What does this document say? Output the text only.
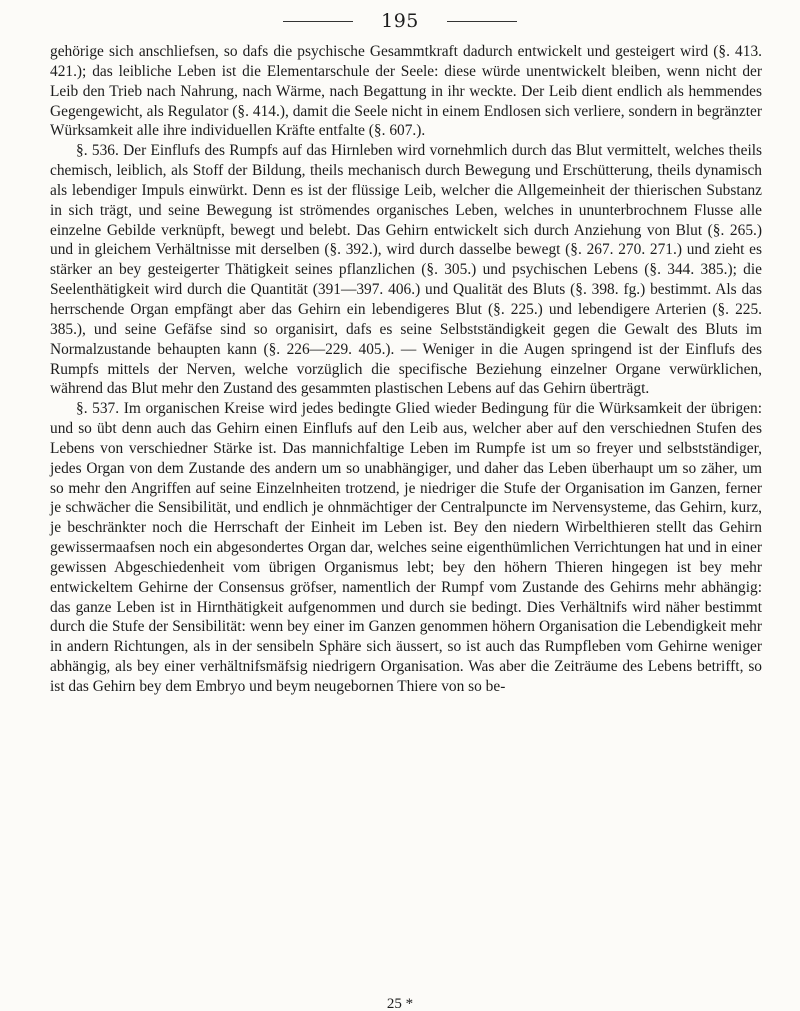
195

gehörige sich anschliefsen, so dafs die psychische Gesammtkraft dadurch entwickelt und gesteigert wird (§. 413. 421.); das leibliche Leben ist die Elementarschule der Seele: diese würde unentwickelt bleiben, wenn nicht der Leib den Trieb nach Nahrung, nach Wärme, nach Begattung in ihr weckte. Der Leib dient endlich als hemmendes Gegengewicht, als Regulator (§. 414.), damit die Seele nicht in einem Endlosen sich verliere, sondern in begränzter Würksamkeit alle ihre individuellen Kräfte entfalte (§. 607.).

§. 536. Der Einflufs des Rumpfs auf das Hirnleben wird vornehmlich durch das Blut vermittelt, welches theils chemisch, leiblich, als Stoff der Bildung, theils mechanisch durch Bewegung und Erschütterung, theils dynamisch als lebendiger Impuls einwürkt. Denn es ist der flüssige Leib, welcher die Allgemeinheit der thierischen Substanz in sich trägt, und seine Bewegung ist strömendes organisches Leben, welches in ununterbrochnem Flusse alle einzelne Gebilde verknüpft, bewegt und belebt. Das Gehirn entwickelt sich durch Anziehung von Blut (§. 265.) und in gleichem Verhältnisse mit derselben (§. 392.), wird durch dasselbe bewegt (§. 267. 270. 271.) und zieht es stärker an bey gesteigerter Thätigkeit seines pflanzlichen (§. 305.) und psychischen Lebens (§. 344. 385.); die Seelenthätigkeit wird durch die Quantität (391—397. 406.) und Qualität des Bluts (§. 398. fg.) bestimmt. Als das herrschende Organ empfängt aber das Gehirn ein lebendigeres Blut (§. 225.) und lebendigere Arterien (§. 225. 385.), und seine Gefäfse sind so organisirt, dafs es seine Selbstständigkeit gegen die Gewalt des Bluts im Normalzustande behaupten kann (§. 226—229. 405.). — Weniger in die Augen springend ist der Einflufs des Rumpfs mittels der Nerven, welche vorzüglich die specifische Beziehung einzelner Organe verwürklichen, während das Blut mehr den Zustand des gesammten plastischen Lebens auf das Gehirn überträgt.

§. 537. Im organischen Kreise wird jedes bedingte Glied wieder Bedingung für die Würksamkeit der übrigen: und so übt denn auch das Gehirn einen Einflufs auf den Leib aus, welcher aber auf den verschiednen Stufen des Lebens von verschiedner Stärke ist. Das mannichfaltige Leben im Rumpfe ist um so freyer und selbstständiger, jedes Organ von dem Zustande des andern um so unabhängiger, und daher das Leben überhaupt um so zäher, um so mehr den Angriffen auf seine Einzelnheiten trotzend, je niedriger die Stufe der Organisation im Ganzen, ferner je schwächer die Sensibilität, und endlich je ohnmächtiger der Centralpuncte im Nervensysteme, das Gehirn, kurz, je beschränkter noch die Herrschaft der Einheit im Leben ist. Bey den niedern Wirbelthieren stellt das Gehirn gewissermaafsen noch ein abgesondertes Organ dar, welches seine eigenthümlichen Verrichtungen hat und in einer gewissen Abgeschiedenheit vom übrigen Organismus lebt; bey den höhern Thieren hingegen ist bey mehr entwickeltem Gehirne der Consensus gröfser, namentlich der Rumpf vom Zustande des Gehirns mehr abhängig: das ganze Leben ist in Hirnthätigkeit aufgenommen und durch sie bedingt. Dies Verhältnifs wird näher bestimmt durch die Stufe der Sensibilität: wenn bey einer im Ganzen genommen höhern Organisation die Lebendigkeit mehr in andern Richtungen, als in der sensibeln Sphäre sich äussert, so ist auch das Rumpfleben vom Gehirne weniger abhängig, als bey einer verhältnifsmäfsig niedrigern Organisation. Was aber die Zeiträume des Lebens betrifft, so ist das Gehirn bey dem Embryo und beym neugebornen Thiere von so be-

25 *
